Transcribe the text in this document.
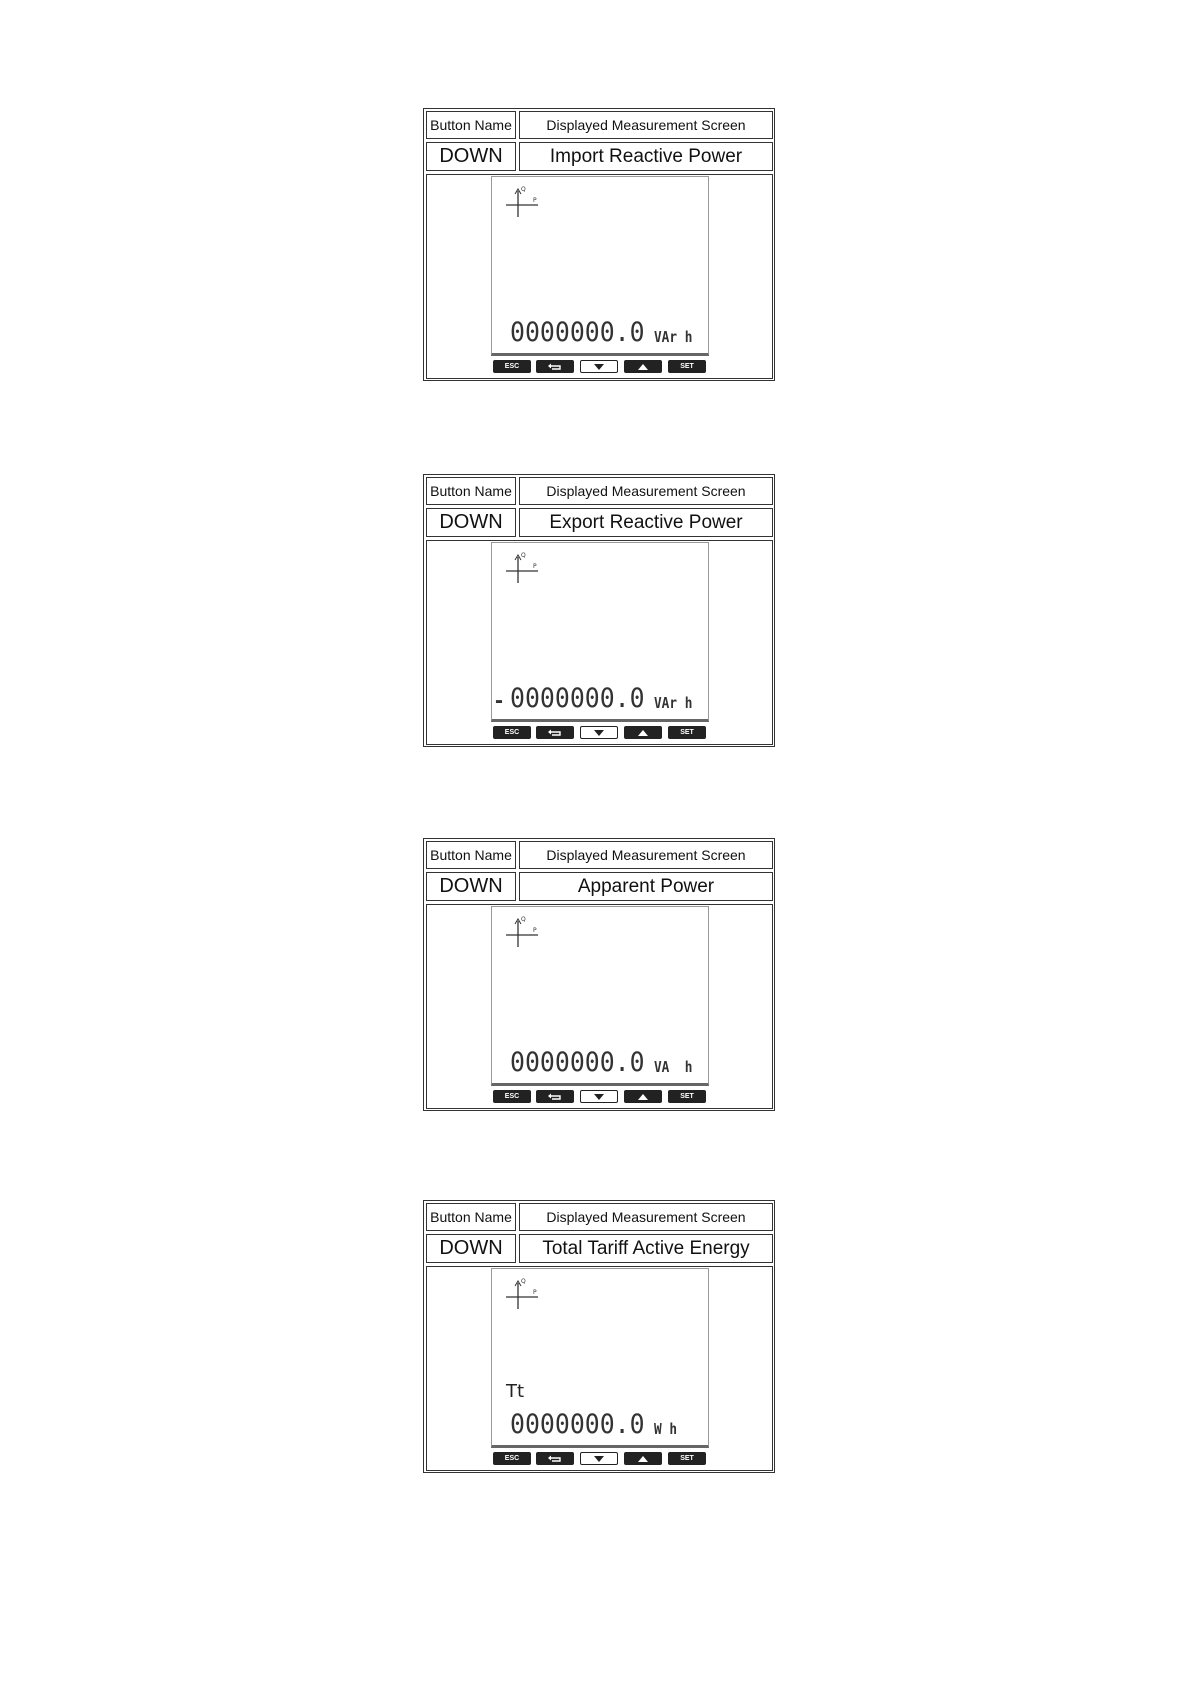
Button Name	Displayed Measurement Screen
DOWN	Import Reactive Power
Q
P
0000000.0 VAr h
ESC	SET
Button Name	Displayed Measurement Screen
DOWN	Export Reactive Power
Q
P
- 0000000.0 VAr h
ESC	SET
Button Name	Displayed Measurement Screen
DOWN	Apparent Power
Q
P
0000000.0 VA  h
ESC	SET
Button Name	Displayed Measurement Screen
DOWN	Total Tariff Active Energy
Q
P
Tt
0000000.0 W h
ESC	SET
